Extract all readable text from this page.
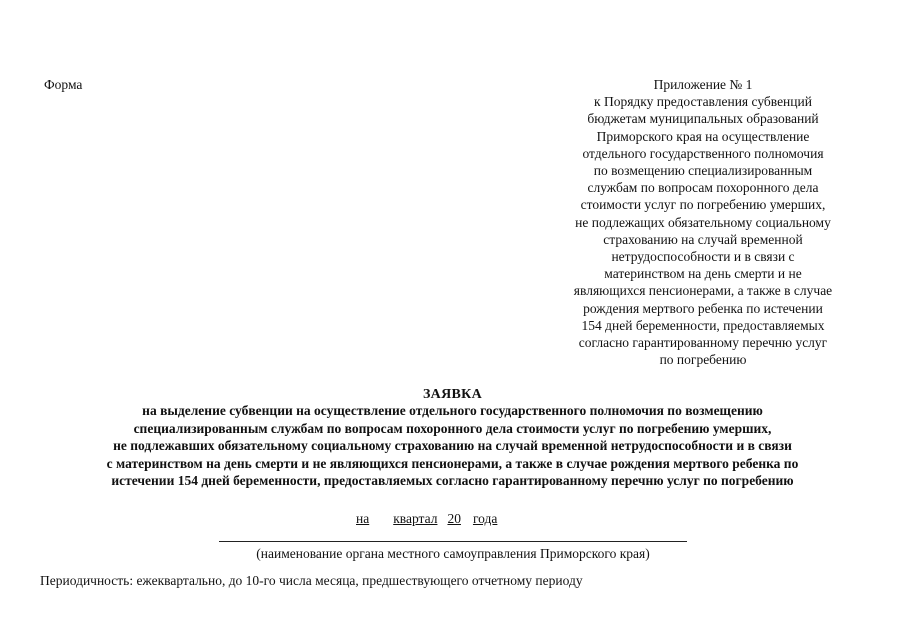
Форма	Приложение № 1
к Порядку предоставления субвенций
бюджетам муниципальных образований
Приморского края на осуществление
отдельного государственного полномочия
по возмещению специализированным
службам по вопросам похоронного дела
стоимости услуг по погребению умерших,
не подлежащих обязательному социальному
страхованию на случай временной
нетрудоспособности и в связи с
материнством на день смерти и не
являющихся пенсионерами, а также в случае
рождения мертвого ребенка по истечении
154 дней беременности, предоставляемых
согласно гарантированному перечню услуг
по погребению
ЗАЯВКА
на выделение субвенции на осуществление отдельного государственного полномочия по возмещению
специализированным службам по вопросам похоронного дела стоимости услуг по погребению умерших,
не подлежавших обязательному социальному страхованию на случай временной нетрудоспособности и в связи
с материнством на день смерти и не являющихся пенсионерами, а также в случае рождения мертвого ребенка по
истечении 154 дней беременности, предоставляемых согласно гарантированному перечню услуг по погребению
на квартал 20 года
(наименование органа местного самоуправления Приморского края)
Периодичность: ежеквартально, до 10-го числа месяца, предшествующего отчетному периоду
